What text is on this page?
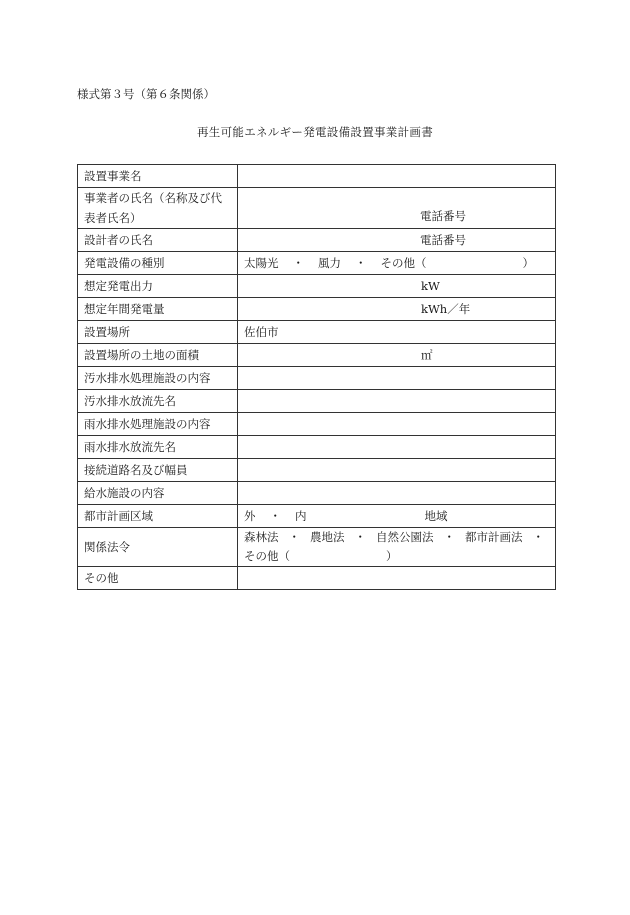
様式第３号（第６条関係）
再生可能エネルギー発電設備設置事業計画書
設置事業名	
事業者の氏名（名称及び代
表者氏名）	電話番号

設計者の氏名	電話番号
発電設備の種別	太陽光 ・ 風力 ・ その他（ ）
想定発電出力	kW
想定年間発電量	kWh／年
設置場所	佐伯市
設置場所の土地の面積	㎡
汚水排水処理施設の内容	
汚水排水放流先名	
雨水排水処理施設の内容	
雨水排水放流先名	
接続道路名及び幅員	
給水施設の内容	
都市計画区域	外 ・ 内 地域
関係法令	森林法 ・ 農地法 ・ 自然公園法 ・ 都市計画法 ・
その他（ ）

その他	
